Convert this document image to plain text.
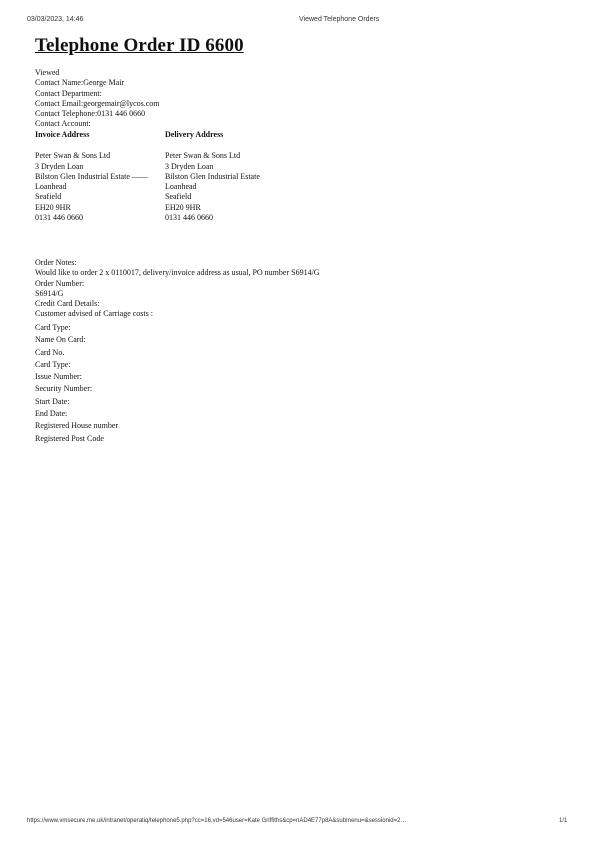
03/03/2023, 14:46	Viewed Telephone Orders
Telephone Order ID 6600
Viewed
Contact Name:George Mair
Contact Department:
Contact Email:georgemair@lycos.com
Contact Telephone:0131 446 0660
Contact Account:
Invoice Address
Peter Swan & Sons Ltd
3 Dryden Loan
Bilston Glen Industrial Estate ——
Loanhead
Seafield
EH20 9HR
0131 446 0660
Delivery Address
Peter Swan & Sons Ltd
3 Dryden Loan
Bilston Glen Industrial Estate
Loanhead
Seafield
EH20 9HR
0131 446 0660
Order Notes:
Would like to order 2 x 0110017, delivery/invoice address as usual, PO number S6914/G
Order Number:
S6914/G
Credit Card Details:
Customer advised of Carriage costs :
Card Type:
Name On Card:
Card No.
Card Type:
Issue Number:
Security Number:
Start Date:
End Date:
Registered House number
Registered Post Code
https://www.vmsecure.me.uk/intranet/operatiq/telephone5.php?cc=16.vd=546user=Kate Griffiths&cp=nAD4E77p8A&submenu=&sessionid=2…	1/1
